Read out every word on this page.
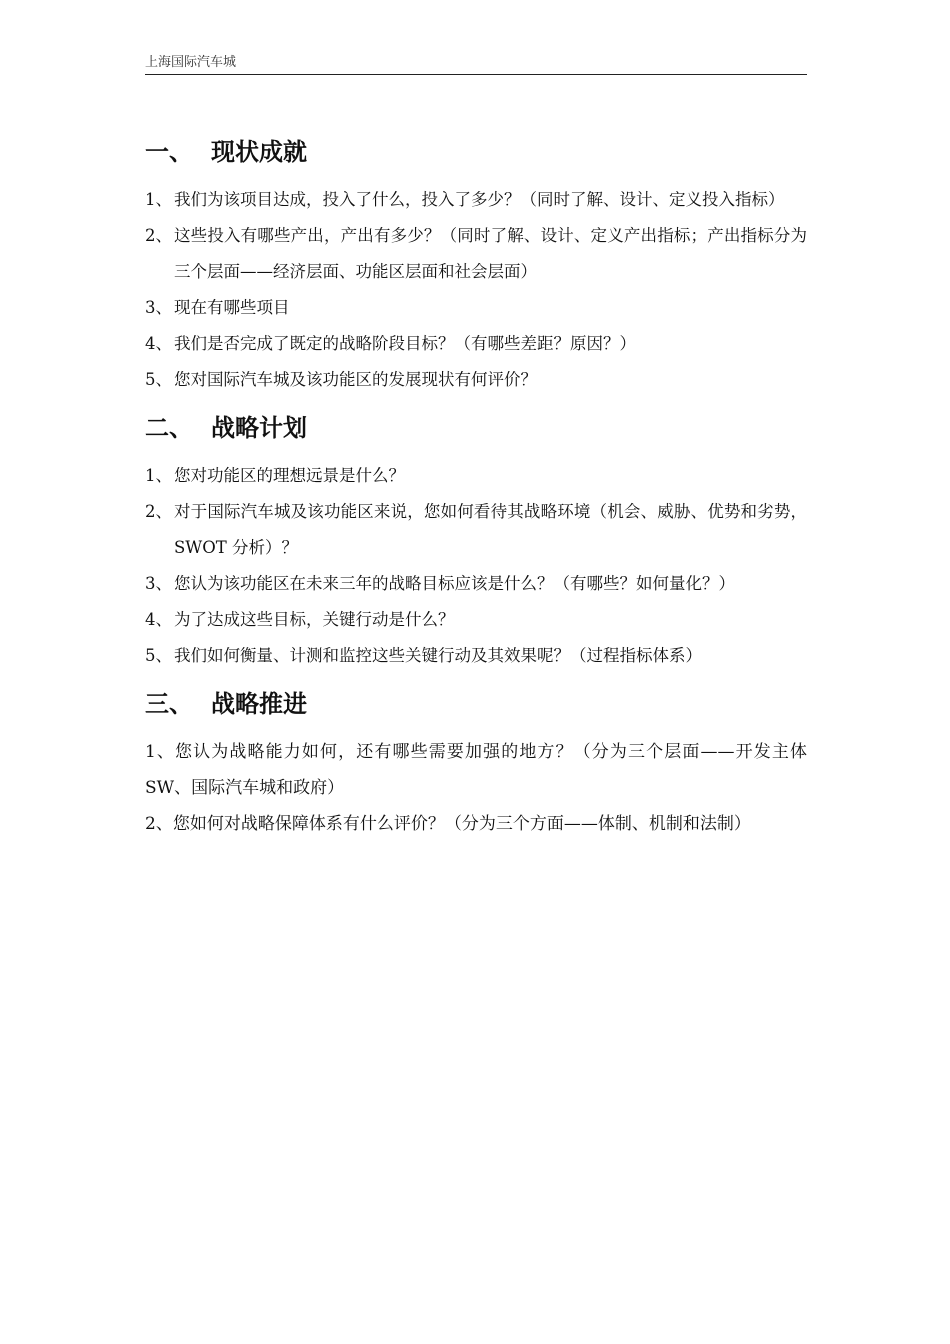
上海国际汽车城
一、 现状成就
1、 我们为该项目达成，投入了什么，投入了多少？（同时了解、设计、定义投入指标）
2、 这些投入有哪些产出，产出有多少？（同时了解、设计、定义产出指标；产出指标分为三个层面——经济层面、功能区层面和社会层面）
3、 现在有哪些项目
4、 我们是否完成了既定的战略阶段目标？（有哪些差距？原因？）
5、 您对国际汽车城及该功能区的发展现状有何评价？
二、 战略计划
1、 您对功能区的理想远景是什么？
2、 对于国际汽车城及该功能区来说，您如何看待其战略环境（机会、威胁、优势和劣势，SWOT 分析）？
3、 您认为该功能区在未来三年的战略目标应该是什么？（有哪些？如何量化？）
4、 为了达成这些目标，关键行动是什么？
5、 我们如何衡量、计测和监控这些关键行动及其效果呢？（过程指标体系）
三、 战略推进

1、您认为战略能力如何，还有哪些需要加强的地方？（分为三个层面——开发主体 SW、国际汽车城和政府）

2、您如何对战略保障体系有什么评价？（分为三个方面——体制、机制和法制）
